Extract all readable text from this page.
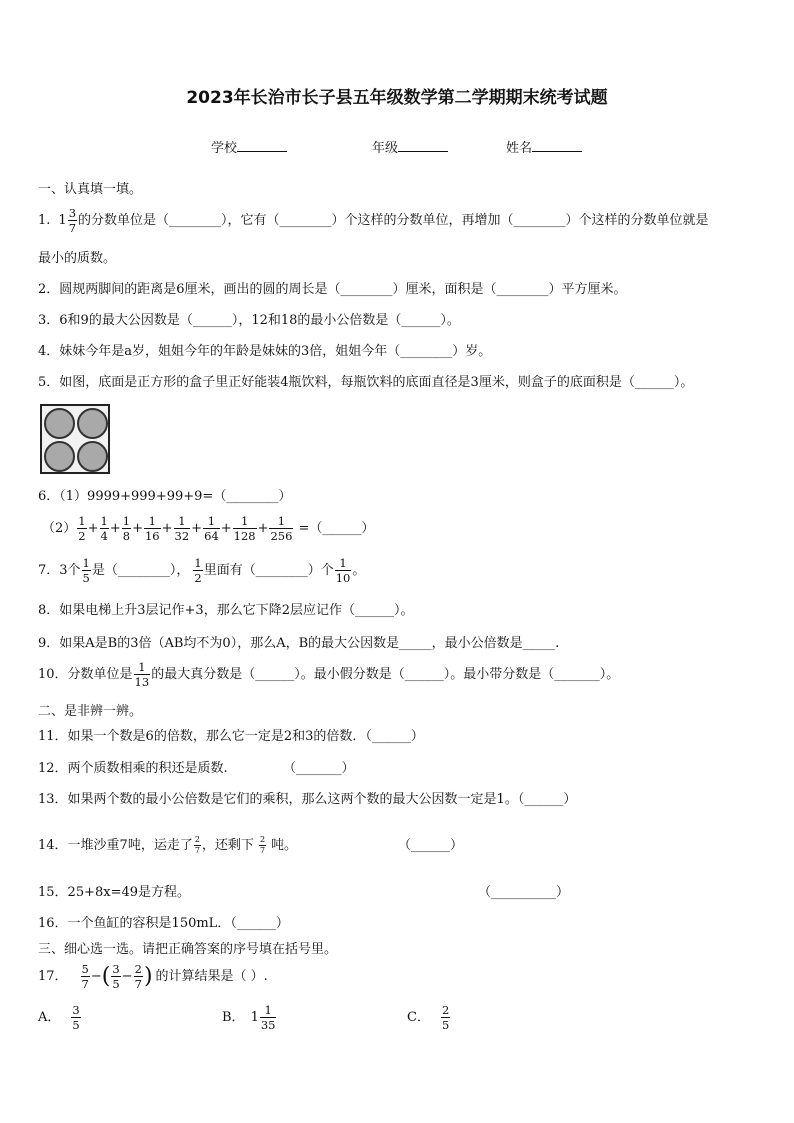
2023年长治市长子县五年级数学第二学期期末统考试题
学校	年级	姓名
一、认真填一填。
1. $1 \frac{3}{7}$ 的分数单位是（________），它有（________）个这样的分数单位，再增加（________）个这样的分数单位就是
最小的质数。
2．圆规两脚间的距离是6厘米，画出的圆的周长是（________）厘米，面积是（________）平方厘米。
3．6和9的最大公因数是（______），12和18的最小公倍数是（______）。
4．妹妹今年是a岁，姐姐今年的年龄是妹妹的3倍，姐姐今年（________）岁。
5．如图，底面是正方形的盒子里正好能装4瓶饮料，每瓶饮料的底面直径是3厘米，则盒子的底面积是（______）。
6．（1）9999+999+99+9=（________）
$(2) \frac{1}{2} + \frac{1}{4} + \frac{1}{8} + \frac{1}{16} + \frac{1}{32} + \frac{1}{64} + \frac{1}{128} + \frac{1}{256}$ =（______）
7．3个 $\frac{1}{5}$ 是（________）， $\frac{1}{2}$ 里面有（________）个 $\frac{1}{10}$ 。
8．如果电梯上升3层记作+3，那么它下降2层应记作（______）。
9．如果A是B的3倍（AB均不为0），那么A，B的最大公因数是_____，最小公倍数是_____.
10．分数单位是 $\frac{1}{13}$ 的最大真分数是（______）。最小假分数是（______）。最小带分数是（_______）。
二、是非辨一辨。
11．如果一个数是6的倍数，那么它一定是2和3的倍数．（______）
12．两个质数相乘的积还是质数.	（_______）
13．如果两个数的最小公倍数是它们的乘积，那么这两个数的最大公因数一定是1。（______）
14．一堆沙重7吨，运走了 $\frac{2}{7}$ ，还剩下 $\frac{2}{7}$ 吨。	（______）
15．25+8x=49是方程。	（__________）
16．一个鱼缸的容积是150mL．（______）
三、细心选一选。请把正确答案的序号填在括号里。
17． $\frac{5}{7}$ − ( $\frac{3}{5} - \frac{2}{7}$ ) 的计算结果是（ ）.
A． $\frac{3}{5}$	B． $1 \frac{1}{35}$	C． $\frac{2}{5}$
